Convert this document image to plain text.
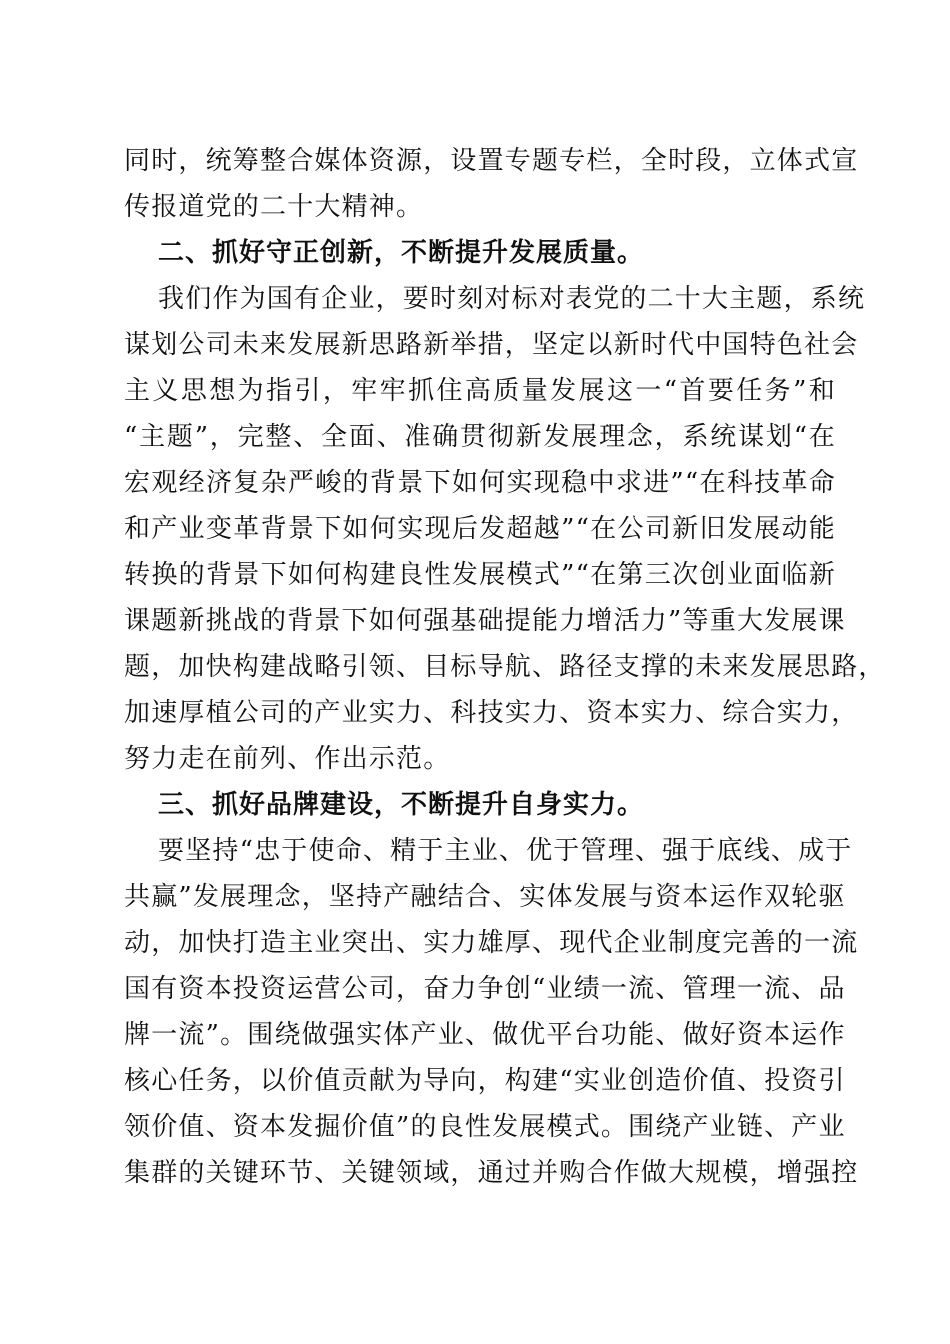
同时，统筹整合媒体资源，设置专题专栏，全时段，立体式宣
传报道党的二十大精神。
二、抓好守正创新，不断提升发展质量。
我们作为国有企业，要时刻对标对表党的二十大主题，系统
谋划公司未来发展新思路新举措，坚定以新时代中国特色社会
主义思想为指引，牢牢抓住高质量发展这一“首要任务”和
“主题”，完整、全面、准确贯彻新发展理念，系统谋划“在
宏观经济复杂严峻的背景下如何实现稳中求进”“在科技革命
和产业变革背景下如何实现后发超越”“在公司新旧发展动能
转换的背景下如何构建良性发展模式”“在第三次创业面临新
课题新挑战的背景下如何强基础提能力增活力”等重大发展课
题，加快构建战略引领、目标导航、路径支撑的未来发展思路，
加速厚植公司的产业实力、科技实力、资本实力、综合实力，
努力走在前列、作出示范。
三、抓好品牌建设，不断提升自身实力。
要坚持“忠于使命、精于主业、优于管理、强于底线、成于
共赢”发展理念，坚持产融结合、实体发展与资本运作双轮驱
动，加快打造主业突出、实力雄厚、现代企业制度完善的一流
国有资本投资运营公司，奋力争创“业绩一流、管理一流、品
牌一流”。围绕做强实体产业、做优平台功能、做好资本运作
核心任务，以价值贡献为导向，构建“实业创造价值、投资引
领价值、资本发掘价值”的良性发展模式。围绕产业链、产业
集群的关键环节、关键领域，通过并购合作做大规模，增强控
